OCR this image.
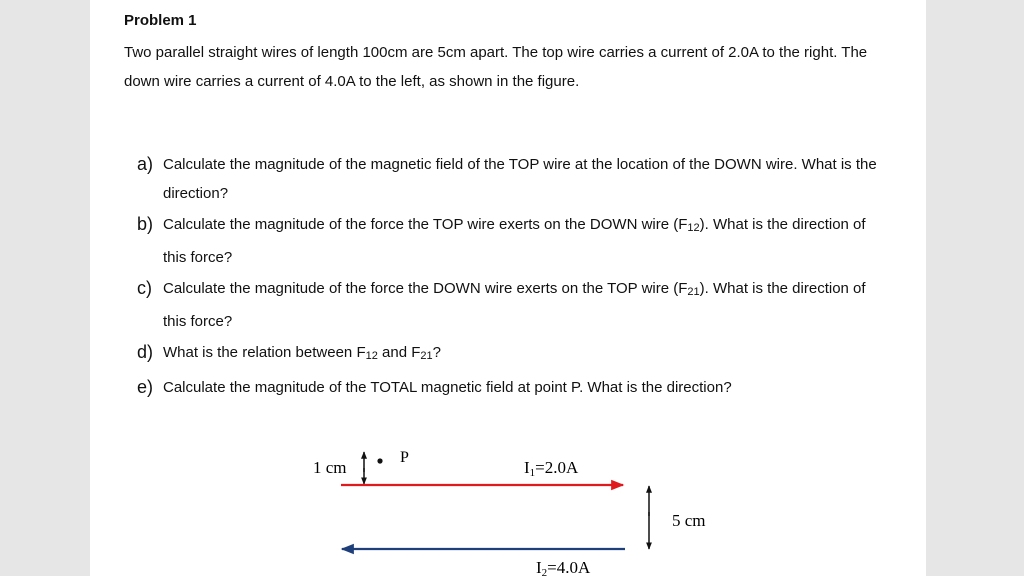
Problem 1
Two parallel straight wires of length 100cm are 5cm apart. The top wire carries a current of 2.0A to the right. The down wire carries a current of 4.0A to the left, as shown in the figure.
a) Calculate the magnitude of the magnetic field of the TOP wire at the location of the DOWN wire. What is the direction?
b) Calculate the magnitude of the force the TOP wire exerts on the DOWN wire $(F_{12})$. What is the direction of this force?
c) Calculate the magnitude of the force the DOWN wire exerts on the TOP wire $(F_{21})$. What is the direction of this force?
d) What is the relation between $F_{12}$ and $F_{21}$?
e) Calculate the magnitude of the TOTAL magnetic field at point P. What is the direction?
1 cm
P
I1=2.0A
5 cm
I2=4.0A
